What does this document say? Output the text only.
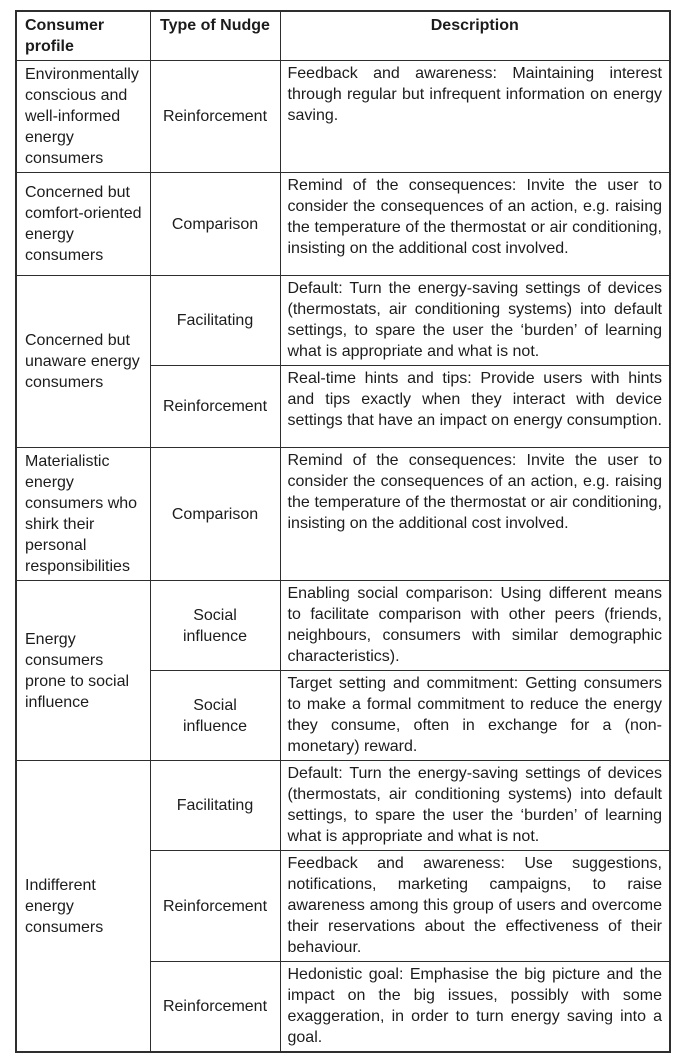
Consumer profile	Type of Nudge	Description
Environmentally conscious and well-informed energy consumers	Reinforcement	Feedback and awareness: Maintaining interest through regular but infrequent information on energy saving.
Concerned but comfort-oriented energy consumers	Comparison	Remind of the consequences: Invite the user to consider the consequences of an action, e.g. raising the temperature of the thermostat or air conditioning, insisting on the additional cost involved.
Concerned but unaware energy consumers	Facilitating	Default: Turn the energy-saving settings of devices (thermostats, air conditioning systems) into default settings, to spare the user the ‘burden’ of learning what is appropriate and what is not.
	Reinforcement	Real-time hints and tips: Provide users with hints and tips exactly when they interact with device settings that have an impact on energy consumption.
Materialistic energy consumers who shirk their personal responsibilities	Comparison	Remind of the consequences: Invite the user to consider the consequences of an action, e.g. raising the temperature of the thermostat or air conditioning, insisting on the additional cost involved.
Energy consumers prone to social influence	Social influence	Enabling social comparison: Using different means to facilitate comparison with other peers (friends, neighbours, consumers with similar demographic characteristics).
	Social influence	Target setting and commitment: Getting consumers to make a formal commitment to reduce the energy they consume, often in exchange for a (non-monetary) reward.
Indifferent energy consumers	Facilitating	Default: Turn the energy-saving settings of devices (thermostats, air conditioning systems) into default settings, to spare the user the ‘burden’ of learning what is appropriate and what is not.
	Reinforcement	Feedback and awareness: Use suggestions, notifications, marketing campaigns, to raise awareness among this group of users and overcome their reservations about the effectiveness of their behaviour.
	Reinforcement	Hedonistic goal: Emphasise the big picture and the impact on the big issues, possibly with some exaggeration, in order to turn energy saving into a goal.
